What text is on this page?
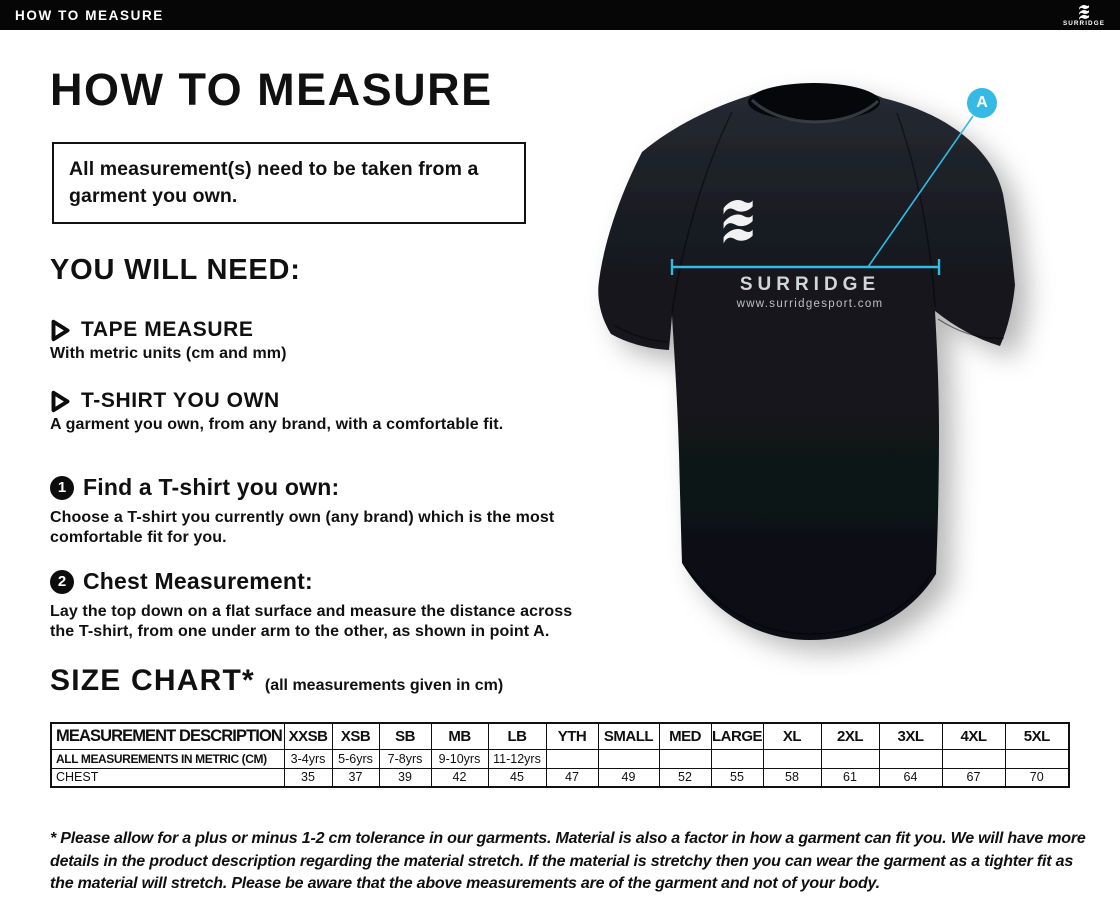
HOW TO MEASURE
SURRIDGE
HOW TO MEASURE
All measurement(s) need to be taken from a garment you own.
YOU WILL NEED:
TAPE MEASURE
With metric units (cm and mm)
T-SHIRT YOU OWN
A garment you own, from any brand, with a comfortable fit.
1 Find a T-shirt you own:
Choose a T-shirt you currently own (any brand) which is the most comfortable fit for you.
2 Chest Measurement:
Lay the top down on a flat surface and measure the distance across the T-shirt, from one under arm to the other, as shown in point A.
SIZE CHART* (all measurements given in cm)
MEASUREMENT DESCRIPTION	XXSB	XSB	SB	MB	LB	YTH	SMALL	MED	LARGE	XL	2XL	3XL	4XL	5XL
ALL MEASUREMENTS IN METRIC (CM)	3-4yrs	5-6yrs	7-8yrs	9-10yrs	11-12yrs									
CHEST	35	37	39	42	45	47	49	52	55	58	61	64	67	70

* Please allow for a plus or minus 1-2 cm tolerance in our garments. Material is also a factor in how a garment can fit you. We will have more details in the product description regarding the material stretch. If the material is stretchy then you can wear the garment as a tighter fit as the material will stretch. Please be aware that the above measurements are of the garment and not of your body.

SURRIDGE
www.surridgesport.com
A
